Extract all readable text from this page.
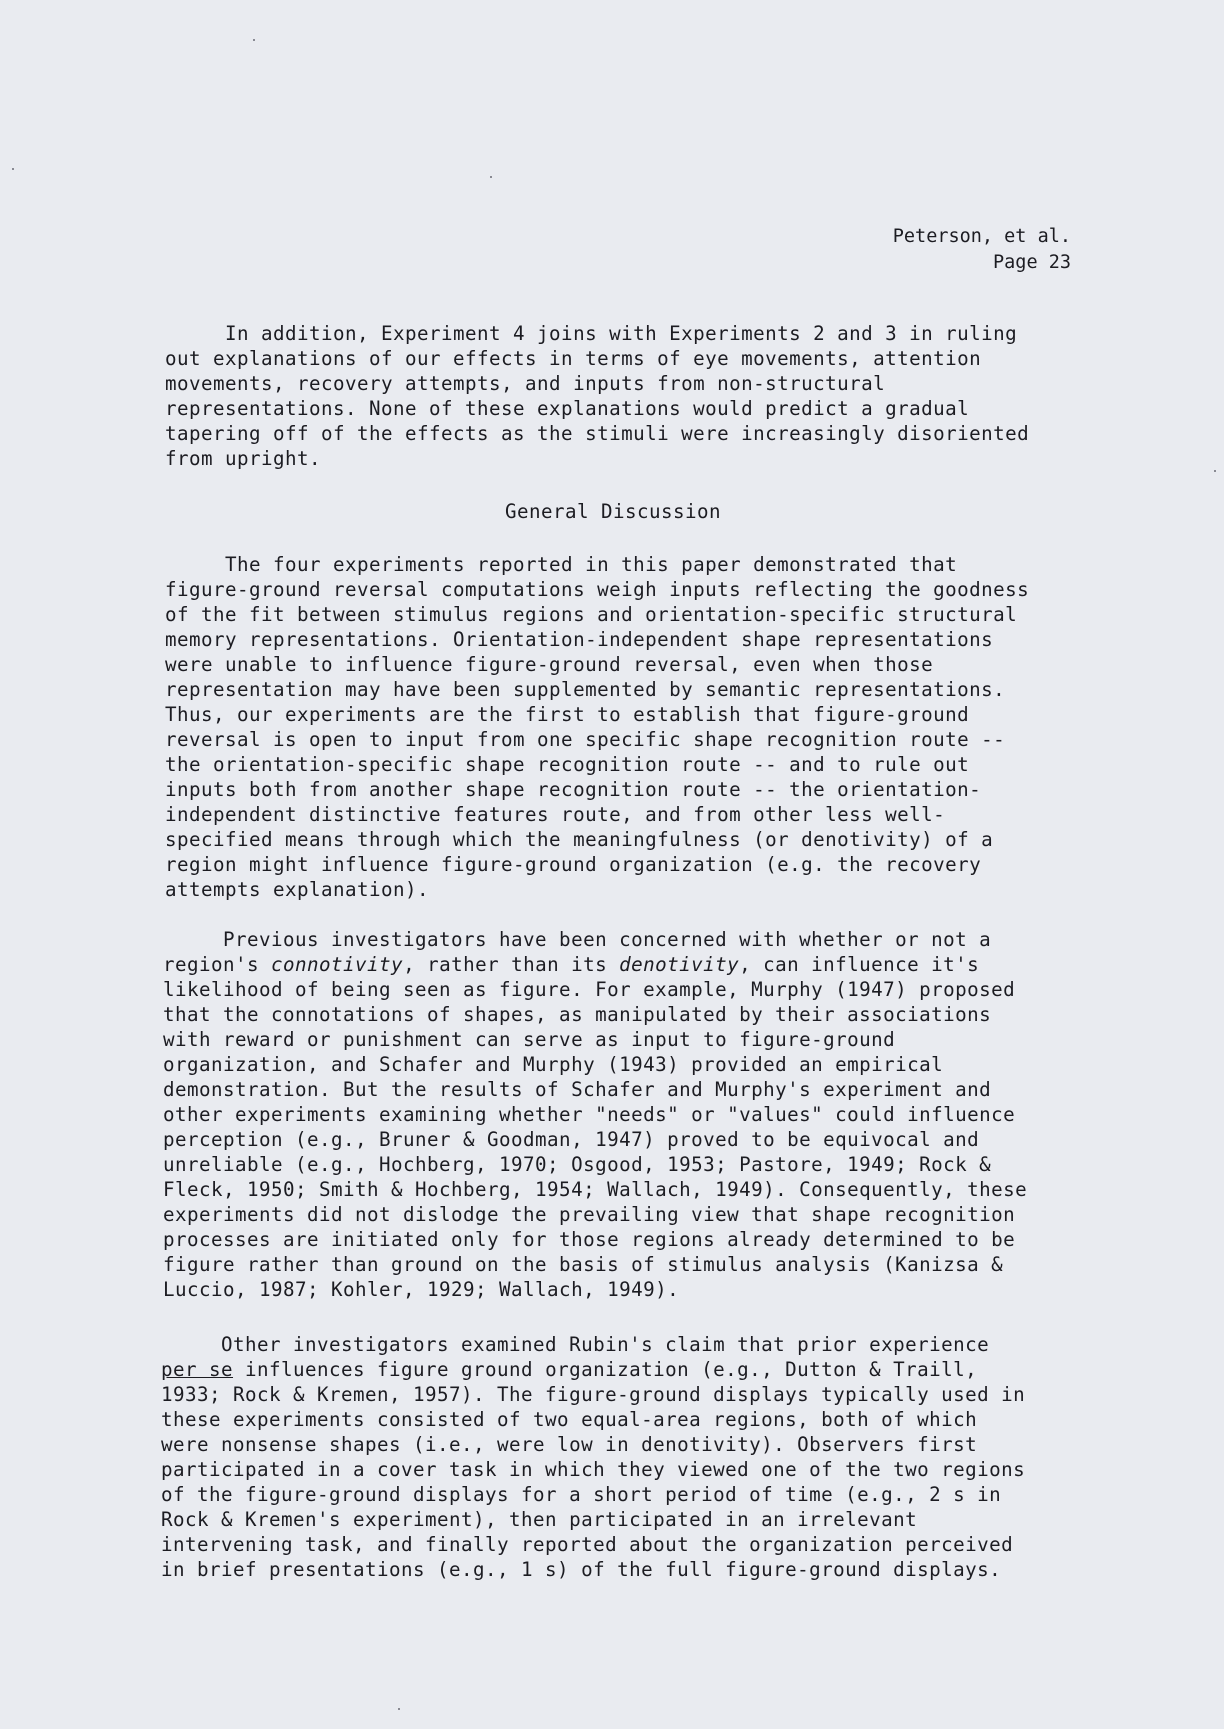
Peterson, et al.
Page 23
In addition, Experiment 4 joins with Experiments 2 and 3 in ruling
out explanations of our effects in terms of eye movements, attention
movements, recovery attempts, and inputs from non-structural
representations. None of these explanations would predict a gradual
tapering off of the effects as the stimuli were increasingly disoriented
from upright.
General Discussion
The four experiments reported in this paper demonstrated that
figure-ground reversal computations weigh inputs reflecting the goodness
of the fit between stimulus regions and orientation-specific structural
memory representations. Orientation-independent shape representations
were unable to influence figure-ground reversal, even when those
representation may have been supplemented by semantic representations.
Thus, our experiments are the first to establish that figure-ground
reversal is open to input from one specific shape recognition route --
the orientation-specific shape recognition route -- and to rule out
inputs both from another shape recognition route -- the orientation-
independent distinctive features route, and from other less well-
specified means through which the meaningfulness (or denotivity) of a
region might influence figure-ground organization (e.g. the recovery
attempts explanation).
Previous investigators have been concerned with whether or not a
region's connotivity, rather than its denotivity, can influence it's
likelihood of being seen as figure. For example, Murphy (1947) proposed
that the connotations of shapes, as manipulated by their associations
with reward or punishment can serve as input to figure-ground
organization, and Schafer and Murphy (1943) provided an empirical
demonstration. But the results of Schafer and Murphy's experiment and
other experiments examining whether "needs" or "values" could influence
perception (e.g., Bruner & Goodman, 1947) proved to be equivocal and
unreliable (e.g., Hochberg, 1970; Osgood, 1953; Pastore, 1949; Rock &
Fleck, 1950; Smith & Hochberg, 1954; Wallach, 1949). Consequently, these
experiments did not dislodge the prevailing view that shape recognition
processes are initiated only for those regions already determined to be
figure rather than ground on the basis of stimulus analysis (Kanizsa &
Luccio, 1987; Kohler, 1929; Wallach, 1949).
Other investigators examined Rubin's claim that prior experience
per se influences figure ground organization (e.g., Dutton & Traill,
1933; Rock & Kremen, 1957). The figure-ground displays typically used in
these experiments consisted of two equal-area regions, both of which
were nonsense shapes (i.e., were low in denotivity). Observers first
participated in a cover task in which they viewed one of the two regions
of the figure-ground displays for a short period of time (e.g., 2 s in
Rock & Kremen's experiment), then participated in an irrelevant
intervening task, and finally reported about the organization perceived
in brief presentations (e.g., 1 s) of the full figure-ground displays.
